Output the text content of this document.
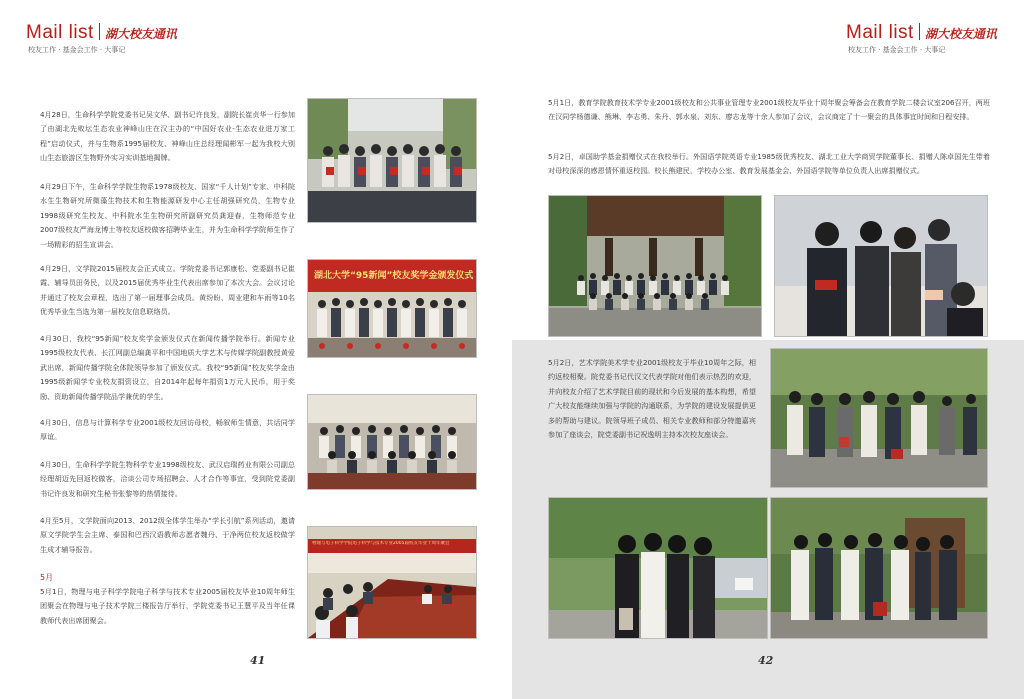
Mail list 湖大校友通讯
校友工作 · 基金会工作 · 大事记

4月28日，生命科学学院党委书记吴文华、副书记许良发，副院长崔贞华一行参加了由湖北先败坛生态农业神峰山庄在汉主办的“中国好农业-生态农业进万家工程”启动仪式，并与生物系1995届校友、神峰山庄总经理闻彬军一起为我校大别山生态旅游区生物野外实习实训基地揭牌。

4月29日下午，生命科学学院生物系1978级校友、国家“千人计划”专家、中科院水生生物研究所微藻生物技术和生物能源研发中心主任胡强研究员，生物专业1998级研究生校友、中科院水生生物研究所副研究员龚迎春，生物师范专业2007级校友严海龙博士等校友返校做客招聘毕业生，并为生命科学学院师生作了一场精彩的招生宣讲会。

4月29日，文学院2015届校友会正式成立。学院党委书记郭康松、党委副书记崔霞、辅导员田务民，以及2015届优秀毕业生代表出席参加了本次大会。会议讨论并通过了校友会章程，选出了第一届理事会成员。黄纷盼、周业建和车雨等10名优秀毕业生当选为第一届校友信息联络员。

4月30日，我校“95新闻”校友奖学金颁发仪式在新闻传播学院举行。新闻专业1995级校友代表、长江网副总编龚平和中国地质大学艺术与传媒学院副教授黄爱武出席，新闻传播学院全体院领导参加了颁发仪式。我校“95新闻”校友奖学金由1995级新闻学专业校友捐资设立，自2014年起每年捐资1万元人民币，用于奖励、资助新闻传播学院品学兼优的学生。

4月30日，信息与计算科学专业2001级校友回访母校，畅叙师生情意，共话同学厚谊。

4月30日，生命科学学院生物科学专业1998级校友、武汉启瑞药业有限公司副总经理胡迈先回返校做客，洽谈公司专场招聘会、人才合作等事宜，受到院党委副书记许良发和研究生秘书张黎等的热情接待。

4月至5月，文学院面向2013、2012级全体学生举办“学长引航”系列活动，邀请原文学院学生会主席、泰国和巴西汉语教师志愿者魏丹、于净两位校友返校做学生成才辅导报告。

5月

5月1日，物理与电子科学学院电子科学与技术专业2005届校友毕业10周年师生团聚会在物理与电子技术学院三楼报告厅举行，学院党委书记王慧平及当年任课教师代表出席团聚会。

湖北大学“95新闻”校友奖学金颁发仪式
物理与电子科学学院电子科学与技术专业2005届校友毕业十周年聚会
41
Mail list 湖大校友通讯
校友工作 · 基金会工作 · 大事记

5月1日，教育学院教育技术学专业2001级校友和公共事业管理专业2001级校友毕业十周年聚会筹备会在教育学院二楼会议室206召开，两班在汉同学杨德谦、熊琳、李志勇、朱丹、郭水泉、刘东、廖志龙等十余人参加了会议，会议商定了十一聚会的具体事宜时间和日程安排。

5月2日，卓国助学基金捐赠仪式在我校举行。外国语学院英语专业1985级优秀校友、湖北工业大学商贸学院董事长、捐赠人陈卓国先生带着对母校深深的感恩情怀重返校园。校长熊建民，学校办公室、教育发展基金会、外国语学院等单位负责人出席捐赠仪式。

5月2日，艺术学院美术学专业2001级校友于毕业10周年之际，相约返校相聚。院党委书记代汉文代表学院对他们表示热烈的欢迎，并向校友介绍了艺术学院目前的现状和今后发展的基本构想，希望广大校友能继续加强与学院的沟通联系，为学院的建设发展提供更多的帮助与建议。院领导班子成员、相关专业教师和部分特邀嘉宾参加了座谈会，院党委副书记祝逸明主持本次校友座谈会。

42
